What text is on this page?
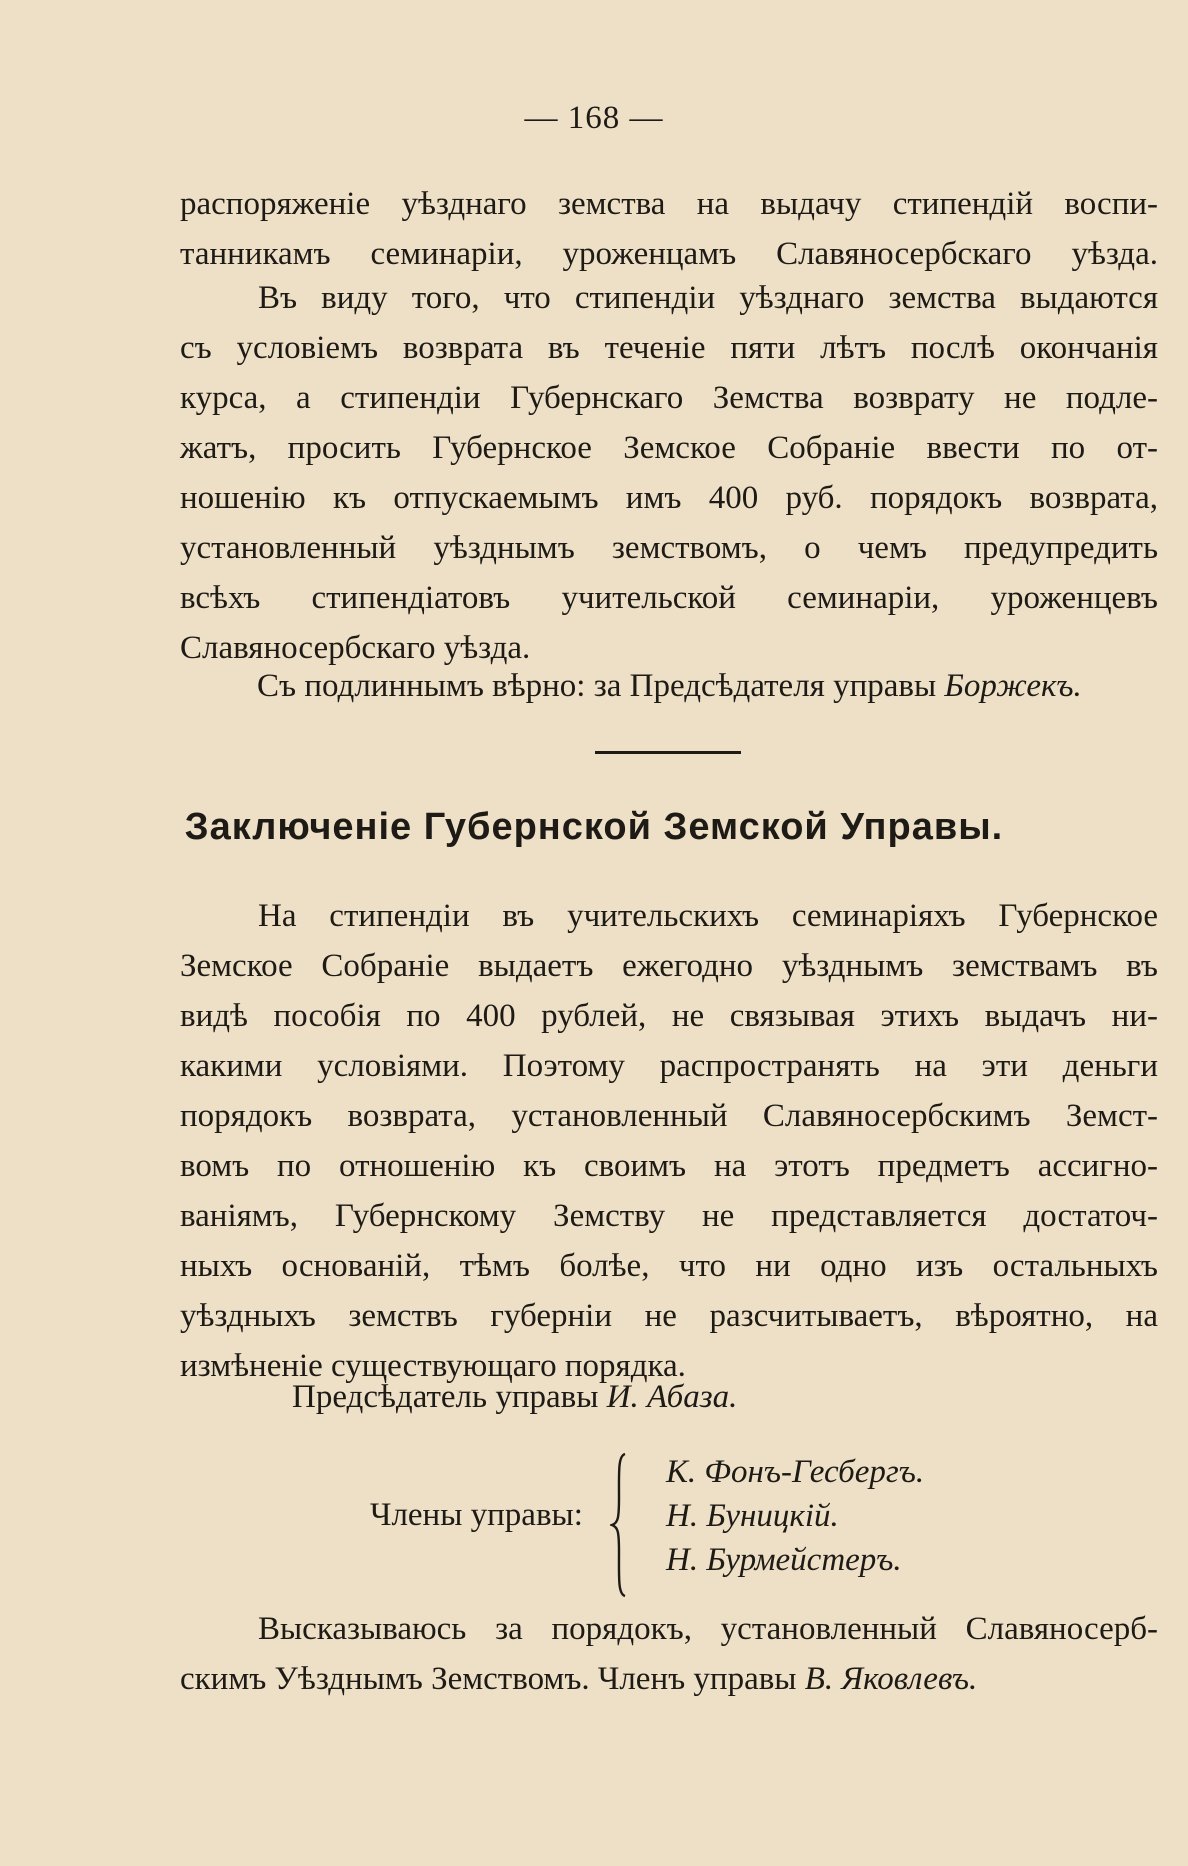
— 168 —
распоряженіе уѣзднаго земства на выдачу стипендій воспи-
танникамъ семинаріи, уроженцамъ Славяносербскаго уѣзда.
Въ виду того, что стипендіи уѣзднаго земства выдаются
съ условіемъ возврата въ теченіе пяти лѣтъ послѣ окончанія
курса, а стипендіи Губернскаго Земства возврату не подле-
жатъ, просить Губернское Земское Собраніе ввести по от-
ношенію къ отпускаемымъ имъ 400 руб. порядокъ возврата,
установленный уѣзднымъ земствомъ, о чемъ предупредить
всѣхъ стипендіатовъ учительской семинаріи, уроженцевъ
Славяносербскаго уѣзда.
Съ подлиннымъ вѣрно: за Предсѣдателя управы Боржекъ.
Заключеніе Губернской Земской Управы.
На стипендіи въ учительскихъ семинаріяхъ Губернское
Земское Собраніе выдаетъ ежегодно уѣзднымъ земствамъ въ
видѣ пособія по 400 рублей, не связывая этихъ выдачъ ни-
какими условіями. Поэтому распространять на эти деньги
порядокъ возврата, установленный Славяносербскимъ Земст-
вомъ по отношенію къ своимъ на этотъ предметъ ассигно-
ваніямъ, Губернскому Земству не представляется достаточ-
ныхъ основаній, тѣмъ болѣе, что ни одно изъ остальныхъ
уѣздныхъ земствъ губерніи не разсчитываетъ, вѣроятно, на
измѣненіе существующаго порядка.
Предсѣдатель управы И. Абаза.
Члены управы:
К. Фонъ-Гесбергъ.
Н. Буницкій.
Н. Бурмейстеръ.
Высказываюсь за порядокъ, установленный Славяносерб-
скимъ Уѣзднымъ Земствомъ. Членъ управы В. Яковлевъ.
